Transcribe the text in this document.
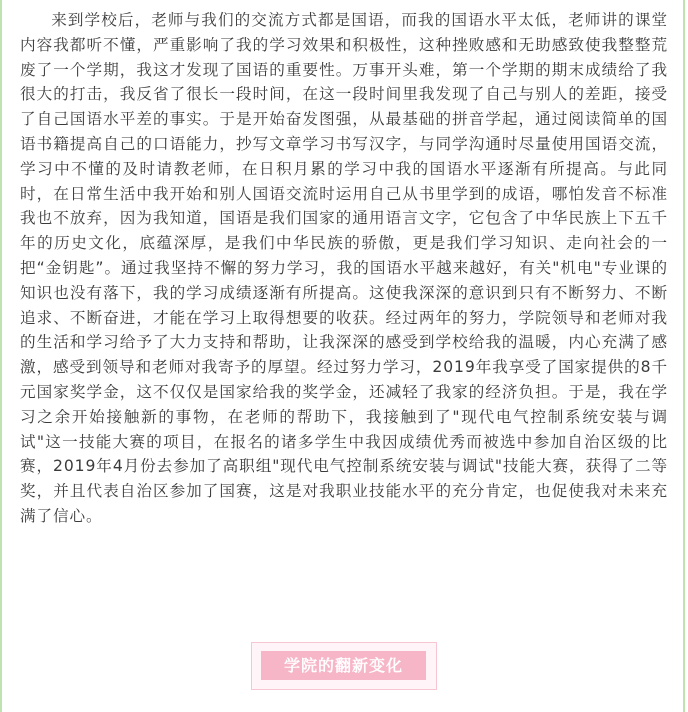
来到学校后，老师与我们的交流方式都是国语，而我的国语水平太低，老师讲的课堂内容我都听不懂，严重影响了我的学习效果和积极性，这种挫败感和无助感致使我整整荒废了一个学期，我这才发现了国语的重要性。万事开头难，第一个学期的期末成绩给了我很大的打击，我反省了很长一段时间，在这一段时间里我发现了自己与别人的差距，接受了自己国语水平差的事实。于是开始奋发图强，从最基础的拼音学起，通过阅读简单的国语书籍提高自己的口语能力，抄写文章学习书写汉字，与同学沟通时尽量使用国语交流，学习中不懂的及时请教老师，在日积月累的学习中我的国语水平逐渐有所提高。与此同时，在日常生活中我开始和别人国语交流时运用自己从书里学到的成语，哪怕发音不标准我也不放弃，因为我知道，国语是我们国家的通用语言文字，它包含了中华民族上下五千年的历史文化，底蕴深厚，是我们中华民族的骄傲，更是我们学习知识、走向社会的一把“金钥匙”。通过我坚持不懈的努力学习，我的国语水平越来越好，有关"机电"专业课的知识也没有落下，我的学习成绩逐渐有所提高。这使我深深的意识到只有不断努力、不断追求、不断奋进，才能在学习上取得想要的收获。经过两年的努力，学院领导和老师对我的生活和学习给予了大力支持和帮助，让我深深的感受到学校给我的温暖，内心充满了感激，感受到领导和老师对我寄予的厚望。经过努力学习，2019年我享受了国家提供的8千元国家奖学金，这不仅仅是国家给我的奖学金，还减轻了我家的经济负担。于是，我在学习之余开始接触新的事物，在老师的帮助下，我接触到了"现代电气控制系统安装与调试"这一技能大赛的项目，在报名的诸多学生中我因成绩优秀而被选中参加自治区级的比赛，2019年4月份去参加了高职组"现代电气控制系统安装与调试"技能大赛，获得了二等奖，并且代表自治区参加了国赛，这是对我职业技能水平的充分肯定，也促使我对未来充满了信心。

学院的翻新变化
